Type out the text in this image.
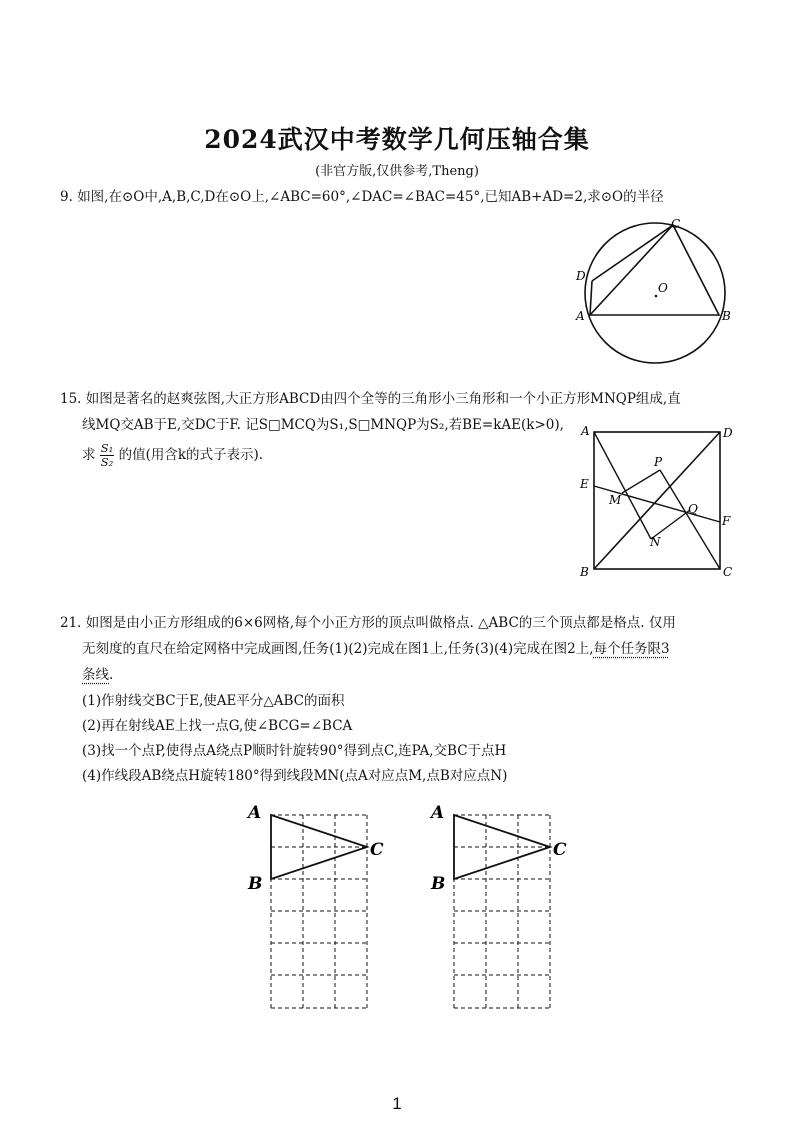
2024武汉中考数学几何压轴合集
(非官方版,仅供参考,Theng)
9. 如图,在⊙O中,A,B,C,D在⊙O上,∠ABC=60°,∠DAC=∠BAC=45°,已知AB+AD=2,求⊙O的半径
C
D
O
A	B
15. 如图是著名的赵爽弦图,大正方形ABCD由四个全等的三角形小三角形和一个小正方形MNQP组成,直
线MQ交AB于E,交DC于F. 记S□MCQ为S₁,S□MNQP为S₂,若BE=kAE(k>0),
求 $\frac{\text{S₁}}{\text{S₂}}$ 的值(用含k的式子表示).
A	D
E
P
M
Q
F
N
B	C
21. 如图是由小正方形组成的6×6网格,每个小正方形的顶点叫做格点. △ABC的三个顶点都是格点. 仅用
无刻度的直尺在给定网格中完成画图,任务(1)(2)完成在图1上,任务(3)(4)完成在图2上,每个任务限3
条线.
(1)作射线交BC于E,使AE平分△ABC的面积
(2)再在射线AE上找一点G,使∠BCG=∠BCA
(3)找一个点P,使得点A绕点P顺时针旋转90°得到点C,连PA,交BC于点H
(4)作线段AB绕点H旋转180°得到线段MN(点A对应点M,点B对应点N)
A
B
C
A
B
C
1
